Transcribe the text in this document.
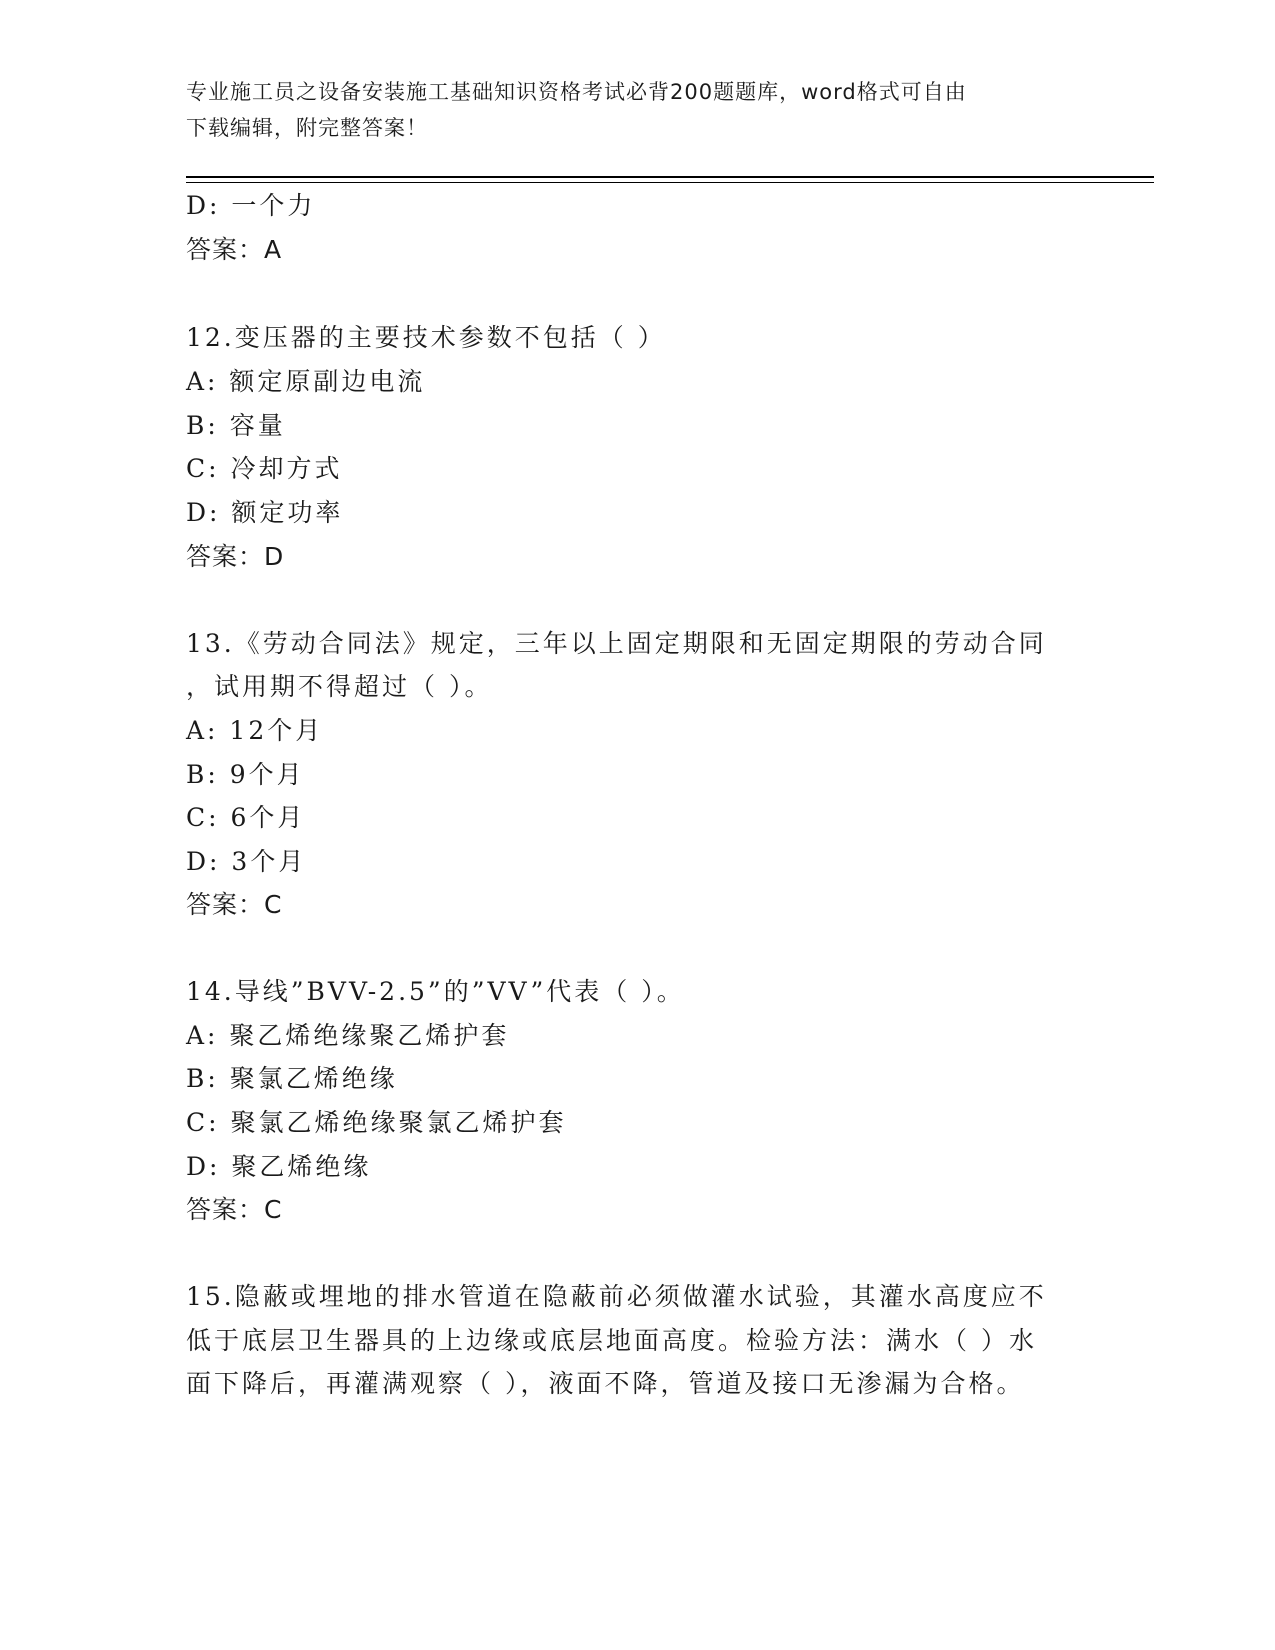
专业施工员之设备安装施工基础知识资格考试必背200题题库，word格式可自由
下载编辑，附完整答案！
D: 一个力
答案：A
12.变压器的主要技术参数不包括（ ）
A: 额定原副边电流
B: 容量
C: 冷却方式
D: 额定功率
答案：D
13.《劳动合同法》规定，三年以上固定期限和无固定期限的劳动合同
，试用期不得超过（ ）。
A: 12个月
B: 9个月
C: 6个月
D: 3个月
答案：C
14.导线”BVV-2.5”的”VV”代表（ ）。
A: 聚乙烯绝缘聚乙烯护套
B: 聚氯乙烯绝缘
C: 聚氯乙烯绝缘聚氯乙烯护套
D: 聚乙烯绝缘
答案：C
15.隐蔽或埋地的排水管道在隐蔽前必须做灌水试验，其灌水高度应不
低于底层卫生器具的上边缘或底层地面高度。检验方法：满水（ ）水
面下降后，再灌满观察（ ），液面不降，管道及接口无渗漏为合格。
